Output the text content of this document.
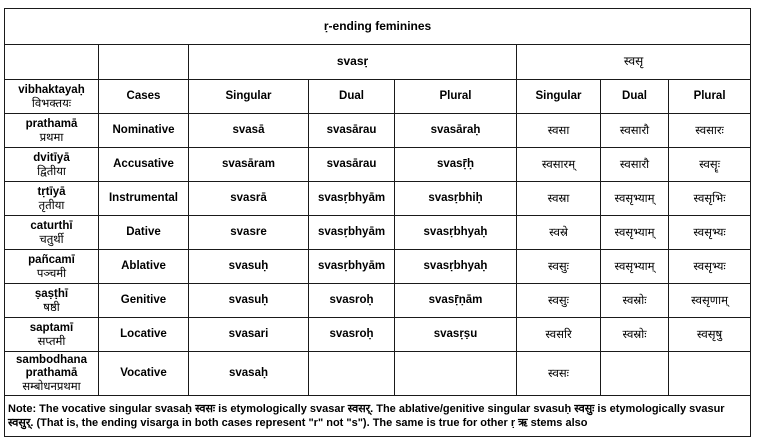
ṛ-ending feminines							
		svasṛ			स्वसृ		

vibhaktayaḥ
विभक्तयः	Cases	Singular	Dual	Plural	Singular	Dual	Plural

prathamā
प्रथमा	Nominative	svasā	svasārau	svasāraḥ	स्वसा	स्वसारौ	स्वसारः

dvitīyā
द्वितीया	Accusative	svasāram	svasārau	svasṝḥ	स्वसारम्	स्वसारौ	स्वसॄः

tṛtīyā
तृतीया	Instrumental	svasrā	svasṛbhyām	svasṛbhiḥ	स्वस्रा	स्वसृभ्याम्	स्वसृभिः

caturthī
चतुर्थी	Dative	svasre	svasṛbhyām	svasṛbhyaḥ	स्वस्रे	स्वसृभ्याम्	स्वसृभ्यः

pañcamī
पञ्चमी	Ablative	svasuḥ	svasṛbhyām	svasṛbhyaḥ	स्वसुः	स्वसृभ्याम्	स्वसृभ्यः

ṣaṣṭhī
षष्ठी	Genitive	svasuḥ	svasroḥ	svasṝṇām	स्वसुः	स्वस्रोः	स्वसृणाम्

saptamī
सप्तमी	Locative	svasari	svasroḥ	svasṛṣu	स्वसरि	स्वस्रोः	स्वसृषु

sambodhana
prathamā
सम्बोधनप्रथमा	Vocative	svasaḥ			स्वसः		
Note: The vocative singular svasaḥ स्वसः is etymologically svasar स्वसर्. The ablative/genitive singular svasuḥ स्वसुः is etymologically svasur स्वसुर्. (That is, the ending visarga in both cases represent "r" not "s"). The same is true for other ṛ ऋ stems also							
